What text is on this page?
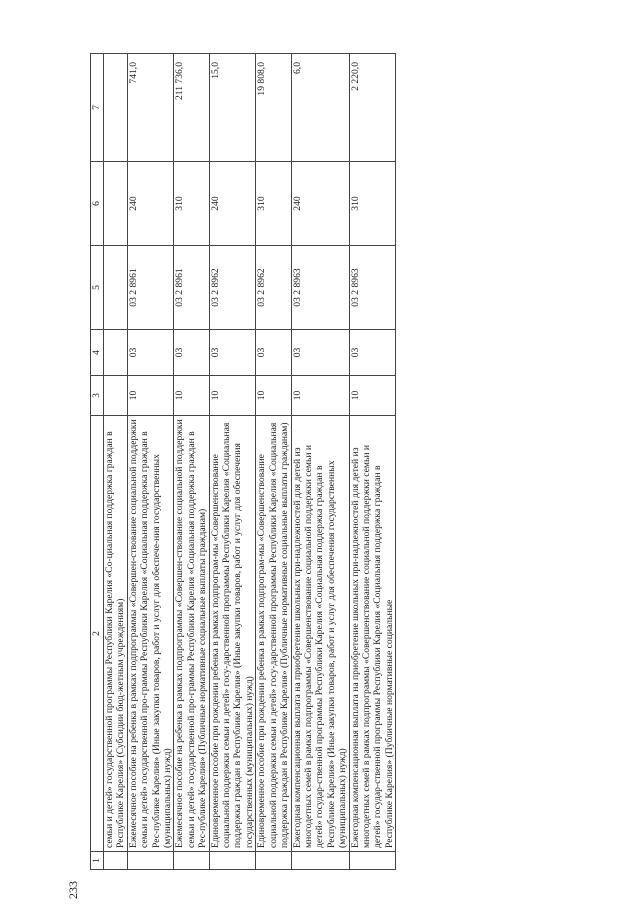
233
1	2	3	4	5	6	7
	семьи и детей» государственной программы Республики Карелия «Со-циальная поддержка граждан в Республике Карелия» (Субсидии бюд-жетным учреждениям)					
	Ежемесячное пособие на ребенка в рамках подпрограммы «Совершен-ствование социальной поддержки семьи и детей» государственной про-граммы Республики Карелия «Социальная поддержка граждан в Рес-публике Карелия» (Иные закупки товаров, работ и услуг для обеспече-ния государственных (муниципальных) нужд)	10	03	03 2 8961	240	741,0
	Ежемесячное пособие на ребенка в рамках подпрограммы «Совершен-ствование социальной поддержки семьи и детей» государственной про-граммы Республики Карелия «Социальная поддержка граждан в Рес-публике Карелия» (Публичные нормативные социальные выплаты гражданам)	10	03	03 2 8961	310	211 736,0
	Единовременное пособие при рождении ребенка в рамках подпрограм-мы «Совершенствование социальной поддержки семьи и детей» госу-дарственной программы Республики Карелия «Социальная поддержка граждан в Республике Карелия» (Иные закупки товаров, работ и услуг для обеспечения государственных (муниципальных) нужд)	10	03	03 2 8962	240	15,0
	Единовременное пособие при рождении ребенка в рамках подпрограм-мы «Совершенствование социальной поддержки семьи и детей» госу-дарственной программы Республики Карелия «Социальная поддержка граждан в Республике Карелия» (Публичные нормативные социальные выплаты гражданам)	10	03	03 2 8962	310	19 808,0
	Ежегодная компенсационная выплата на приобретение школьных при-надлежностей для детей из многодетных семей в рамках подпрограммы «Совершенствование социальной поддержки семьи и детей» государ-ственной программы Республики Карелия «Социальная поддержка граждан в Республике Карелия» (Иные закупки товаров, работ и услуг для обеспечения государственных (муниципальных) нужд)	10	03	03 2 8963	240	6,0
	Ежегодная компенсационная выплата на приобретение школьных при-надлежностей для детей из многодетных семей в рамках подпрограммы «Совершенствование социальной поддержки семьи и детей» государ-ственной программы Республики Карелия «Социальная поддержка граждан в Республике Карелия» (Публичные нормативные социальные	10	03	03 2 8963	310	2 220,0
